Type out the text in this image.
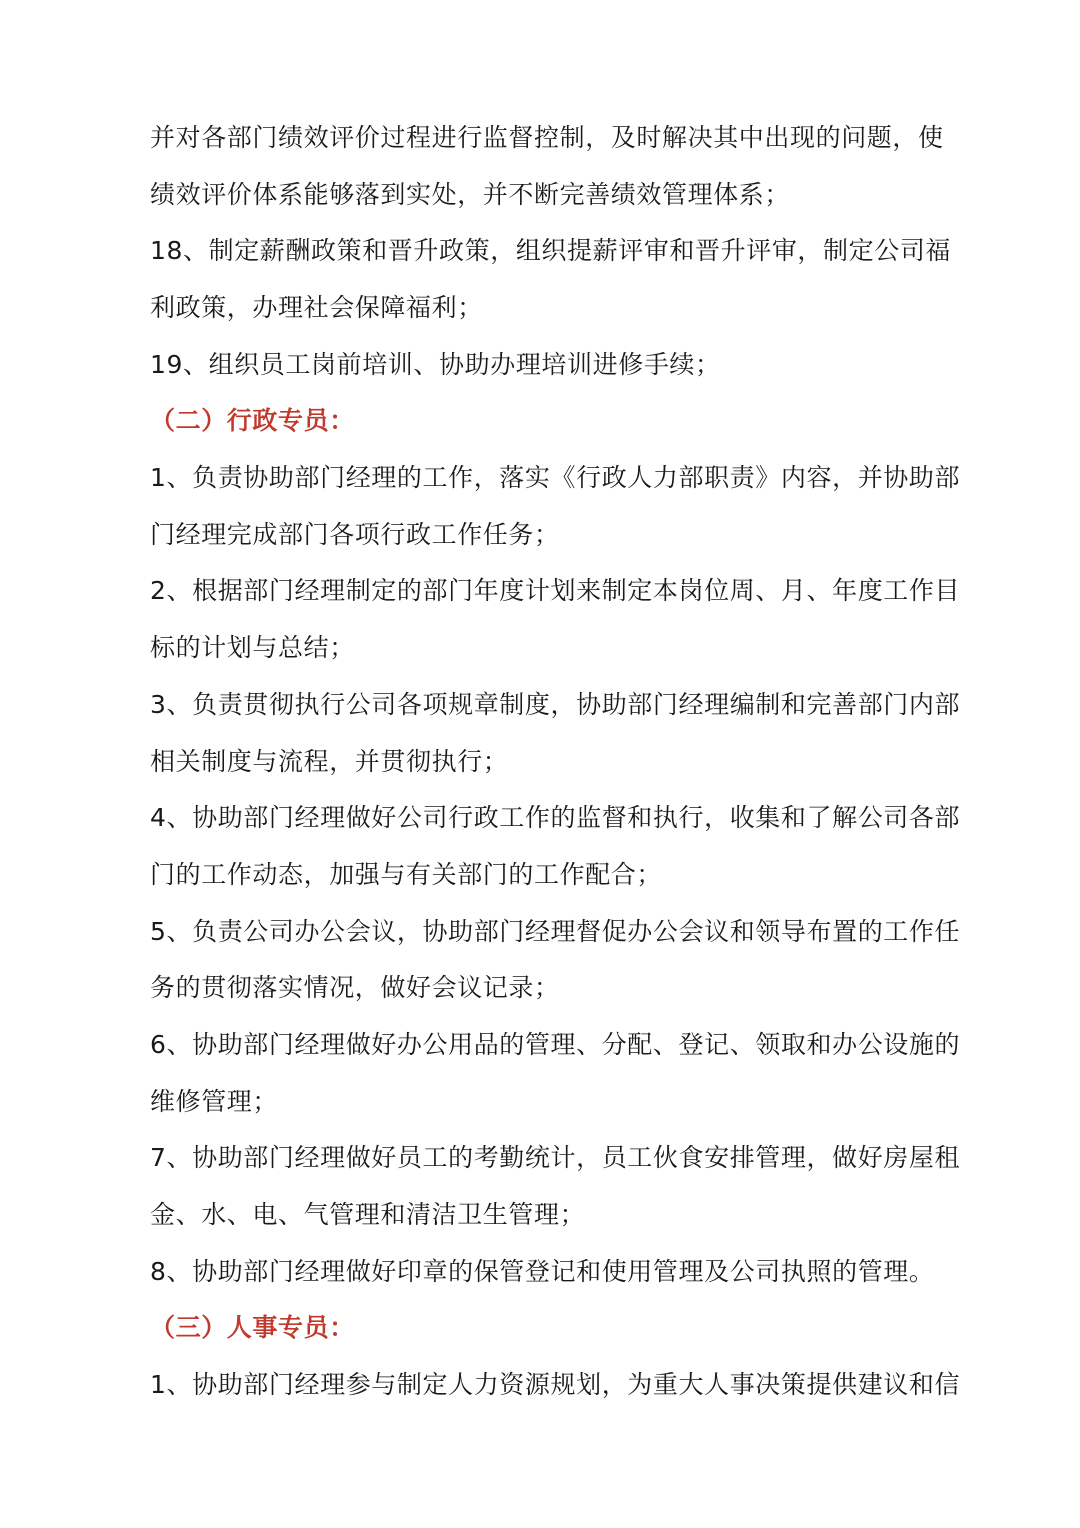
并对各部门绩效评价过程进行监督控制，及时解决其中出现的问题，使
绩效评价体系能够落到实处，并不断完善绩效管理体系；
18、制定薪酬政策和晋升政策，组织提薪评审和晋升评审，制定公司福
利政策，办理社会保障福利；
19、组织员工岗前培训、协助办理培训进修手续；
（二）行政专员：
1、负责协助部门经理的工作，落实《行政人力部职责》内容，并协助部
门经理完成部门各项行政工作任务；
2、根据部门经理制定的部门年度计划来制定本岗位周、月、年度工作目
标的计划与总结；
3、负责贯彻执行公司各项规章制度，协助部门经理编制和完善部门内部
相关制度与流程，并贯彻执行；
4、协助部门经理做好公司行政工作的监督和执行，收集和了解公司各部
门的工作动态，加强与有关部门的工作配合；
5、负责公司办公会议，协助部门经理督促办公会议和领导布置的工作任
务的贯彻落实情况，做好会议记录；
6、协助部门经理做好办公用品的管理、分配、登记、领取和办公设施的
维修管理；
7、协助部门经理做好员工的考勤统计，员工伙食安排管理，做好房屋租
金、水、电、气管理和清洁卫生管理；
8、协助部门经理做好印章的保管登记和使用管理及公司执照的管理。
（三）人事专员：
1、协助部门经理参与制定人力资源规划，为重大人事决策提供建议和信
